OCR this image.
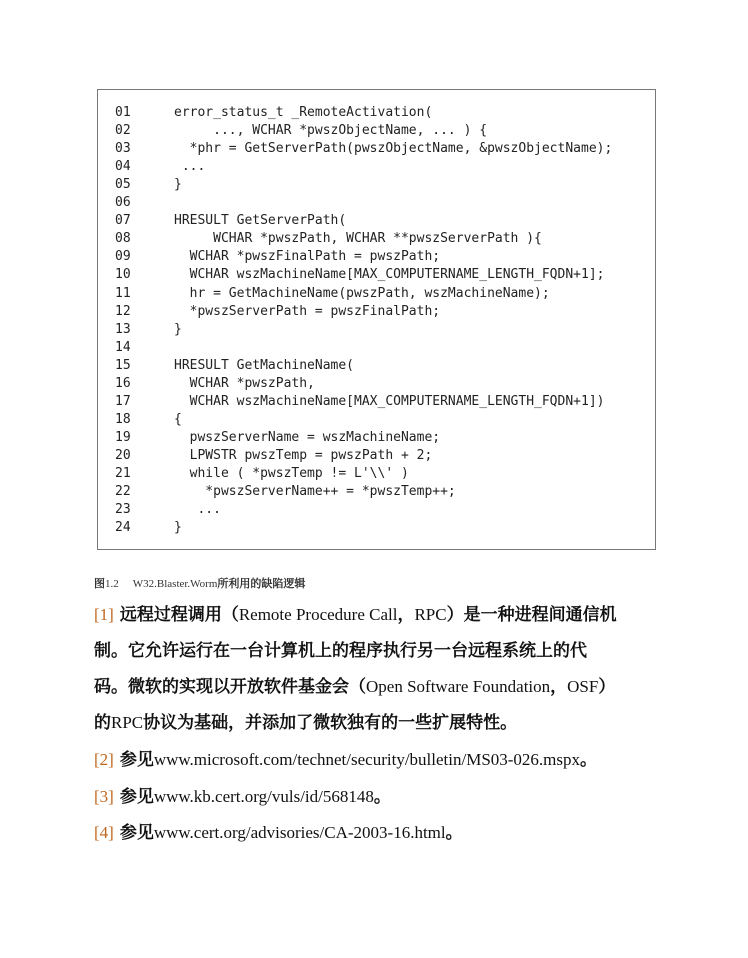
01	error_status_t _RemoteActivation(
02	..., WCHAR *pwszObjectName, ... ) {
03	*phr = GetServerPath(pwszObjectName, &pwszObjectName);
04	...
05	}
06
07	HRESULT GetServerPath(
08	WCHAR *pwszPath, WCHAR **pwszServerPath ){
09	WCHAR *pwszFinalPath = pwszPath;
10	WCHAR wszMachineName[MAX_COMPUTERNAME_LENGTH_FQDN+1];
11	hr = GetMachineName(pwszPath, wszMachineName);
12	*pwszServerPath = pwszFinalPath;
13	}
14
15	HRESULT GetMachineName(
16	WCHAR *pwszPath,
17	WCHAR wszMachineName[MAX_COMPUTERNAME_LENGTH_FQDN+1])
18	{
19	pwszServerName = wszMachineName;
20	LPWSTR pwszTemp = pwszPath + 2;
21	while ( *pwszTemp != L'\\' )
22	*pwszServerName++ = *pwszTemp++;
23	...
24	}
图1.2 W32.Blaster.Worm所利用的缺陷逻辑
[1] 远程过程调用（Remote Procedure Call，RPC）是一种进程间通信机
制。它允许运行在一台计算机上的程序执行另一台远程系统上的代
码。微软的实现以开放软件基金会（Open Software Foundation，OSF）
的RPC协议为基础，并添加了微软独有的一些扩展特性。
[2] 参见www.microsoft.com/technet/security/bulletin/MS03-026.mspx。
[3] 参见www.kb.cert.org/vuls/id/568148。
[4] 参见www.cert.org/advisories/CA-2003-16.html。
